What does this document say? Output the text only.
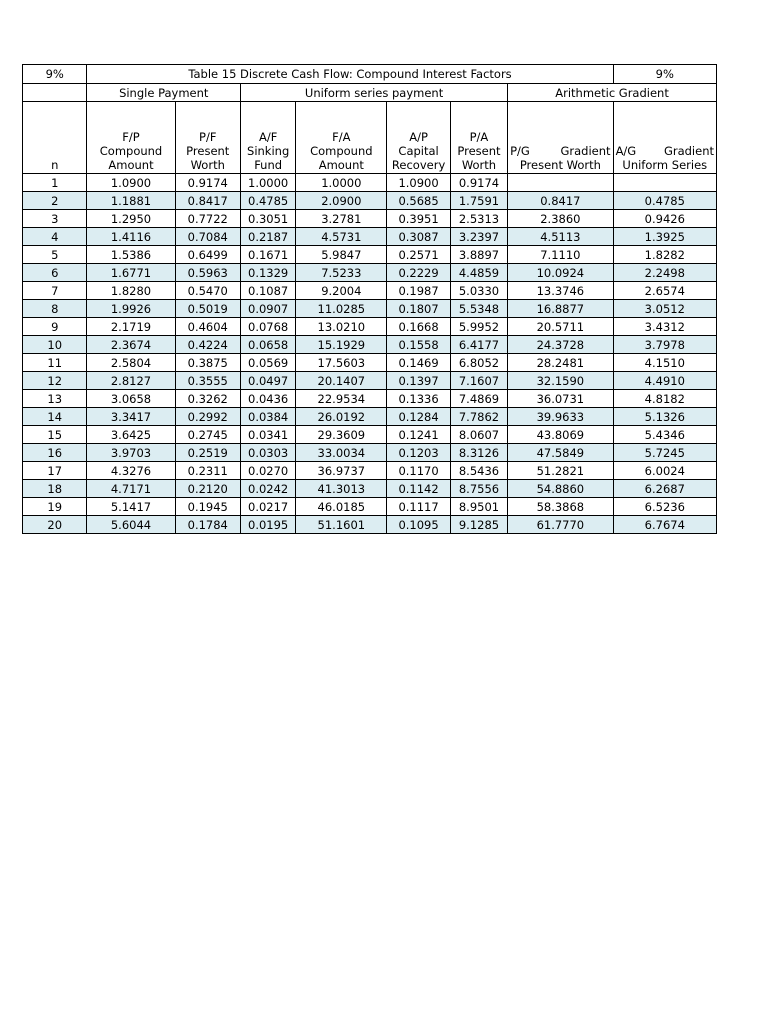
9%	Table 15 Discrete Cash Flow: Compound Interest Factors							9%
	Single Payment		Uniform series payment				Arithmetic Gradient	
n	F/P
Compound
Amount	P/F
Present
Worth	A/F
Sinking
Fund	F/A
Compound
Amount	A/P
Capital
Recovery	P/A
Present
Worth	P/G Gradient
Present Worth	A/G Gradient
Uniform Series

1	1.0900	0.9174	1.0000	1.0000	1.0900	0.9174		
2	1.1881	0.8417	0.4785	2.0900	0.5685	1.7591	0.8417	0.4785
3	1.2950	0.7722	0.3051	3.2781	0.3951	2.5313	2.3860	0.9426
4	1.4116	0.7084	0.2187	4.5731	0.3087	3.2397	4.5113	1.3925
5	1.5386	0.6499	0.1671	5.9847	0.2571	3.8897	7.1110	1.8282
6	1.6771	0.5963	0.1329	7.5233	0.2229	4.4859	10.0924	2.2498
7	1.8280	0.5470	0.1087	9.2004	0.1987	5.0330	13.3746	2.6574
8	1.9926	0.5019	0.0907	11.0285	0.1807	5.5348	16.8877	3.0512
9	2.1719	0.4604	0.0768	13.0210	0.1668	5.9952	20.5711	3.4312
10	2.3674	0.4224	0.0658	15.1929	0.1558	6.4177	24.3728	3.7978
11	2.5804	0.3875	0.0569	17.5603	0.1469	6.8052	28.2481	4.1510
12	2.8127	0.3555	0.0497	20.1407	0.1397	7.1607	32.1590	4.4910
13	3.0658	0.3262	0.0436	22.9534	0.1336	7.4869	36.0731	4.8182
14	3.3417	0.2992	0.0384	26.0192	0.1284	7.7862	39.9633	5.1326
15	3.6425	0.2745	0.0341	29.3609	0.1241	8.0607	43.8069	5.4346
16	3.9703	0.2519	0.0303	33.0034	0.1203	8.3126	47.5849	5.7245
17	4.3276	0.2311	0.0270	36.9737	0.1170	8.5436	51.2821	6.0024
18	4.7171	0.2120	0.0242	41.3013	0.1142	8.7556	54.8860	6.2687
19	5.1417	0.1945	0.0217	46.0185	0.1117	8.9501	58.3868	6.5236
20	5.6044	0.1784	0.0195	51.1601	0.1095	9.1285	61.7770	6.7674
